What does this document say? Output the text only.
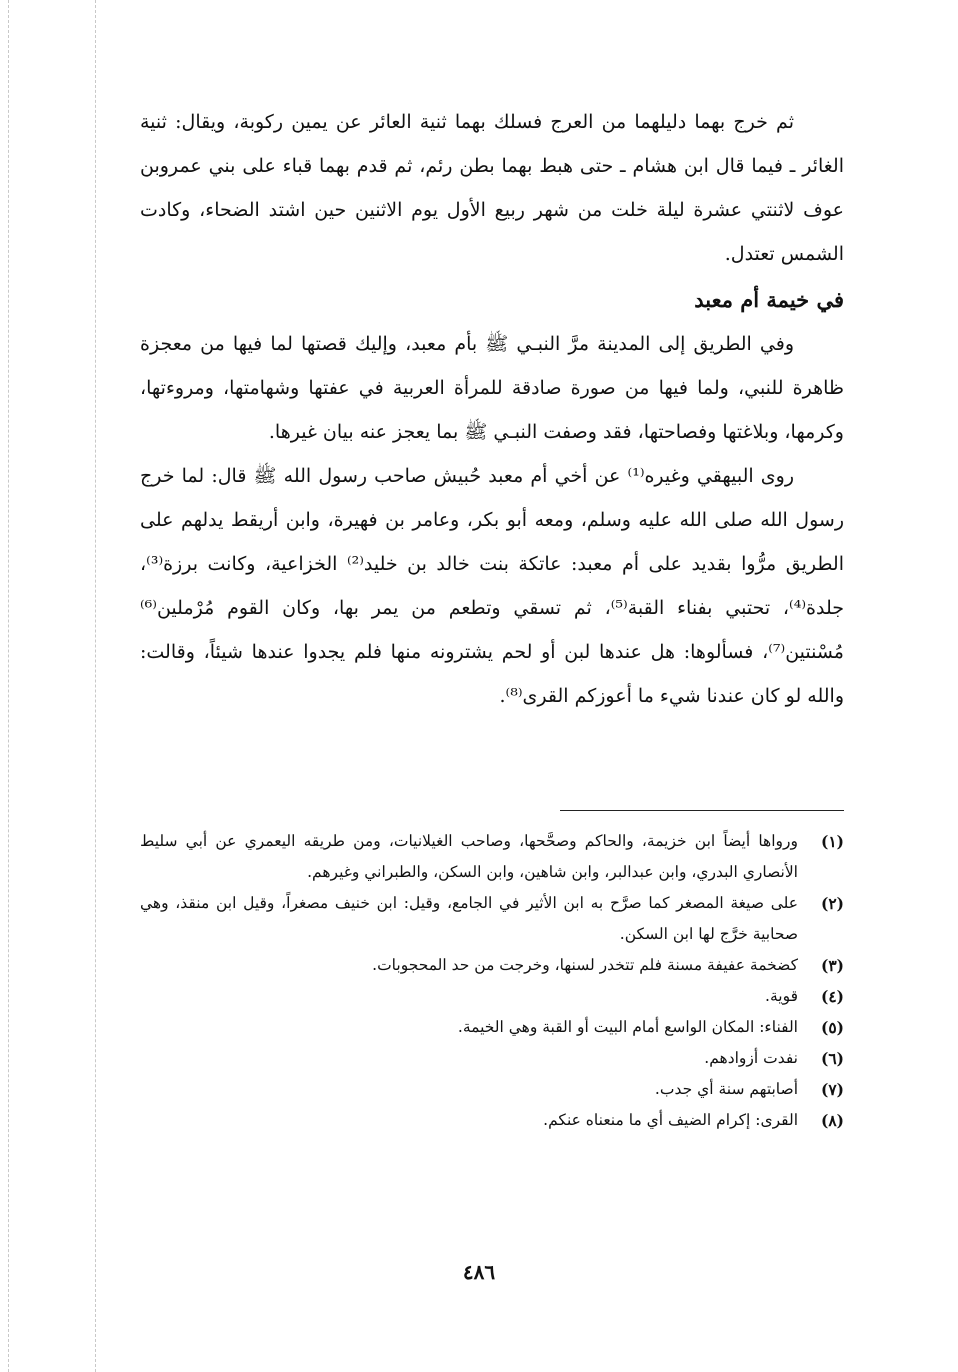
ثم خرج بهما دليلهما من العرج فسلك بهما ثنية العائر عن يمين ركوبة، ويقال: ثنية الغائر ـ فيما قال ابن هشام ـ حتى هبط بهما بطن رئم، ثم قدم بهما قباء على بني عمروبن عوف لاثنتي عشرة ليلة خلت من شهر ربيع الأول يوم الاثنين حين اشتد الضحاء، وكادت الشمس تعتدل.

في خيمة أم معبد

وفي الطريق إلى المدينة مرَّ النبـي ﷺ بأم معبد، وإليك قصتها لما فيها من معجزة ظاهرة للنبي، ولما فيها من صورة صادقة للمرأة العربية في عفتها وشهامتها، ومروءتها، وكرمها، وبلاغتها وفصاحتها، فقد وصفت النبـي ﷺ بما يعجز عنه بيان غيرها.

روى البيهقي وغيره⁽¹⁾ عن أخي أم معبد حُبيش صاحب رسول الله ﷺ قال: لما خرج رسول الله صلى الله عليه وسلم، ومعه أبو بكر، وعامر بن فهيرة، وابن أريقط يدلهم على الطريق مرُّوا بقديد على أم معبد: عاتكة بنت خالد بن خليد⁽²⁾ الخزاعية، وكانت برزة⁽³⁾، جلدة⁽⁴⁾، تحتبي بفناء القبة⁽⁵⁾، ثم تسقي وتطعم من يمر بها، وكان القوم مُرْملين⁽⁶⁾ مُسْنتين⁽⁷⁾، فسألوها: هل عندها لبن أو لحم يشترونه منها فلم يجدوا عندها شيئاً، وقالت: والله لو كان عندنا شيء ما أعوزكم القرى⁽⁸⁾.

(١)
ورواها أيضاً ابن خزيمة، والحاكم وصحَّحها، وصاحب الغيلانيات، ومن طريقه اليعمري عن أبي سليط الأنصاري البدري، وابن عبدالبر، وابن شاهين، وابن السكن، والطبراني وغيرهم.
(٢)
على صيغة المصغر كما صرَّح به ابن الأثير في الجامع، وقيل: ابن خنيف مصغراً، وقيل ابن منقذ، وهي صحابية خرَّج لها ابن السكن.
(٣)
كضخمة عفيفة مسنة فلم تتخدر لسنها، وخرجت من حد المحجوبات.
(٤)
قوية.
(٥)
الفناء: المكان الواسع أمام البيت أو القبة وهي الخيمة.
(٦)
نفدت أزوادهم.
(٧)
أصابتهم سنة أي جدب.
(٨)
القرى: إكرام الضيف أي ما منعناه عنكم.
٤٨٦
